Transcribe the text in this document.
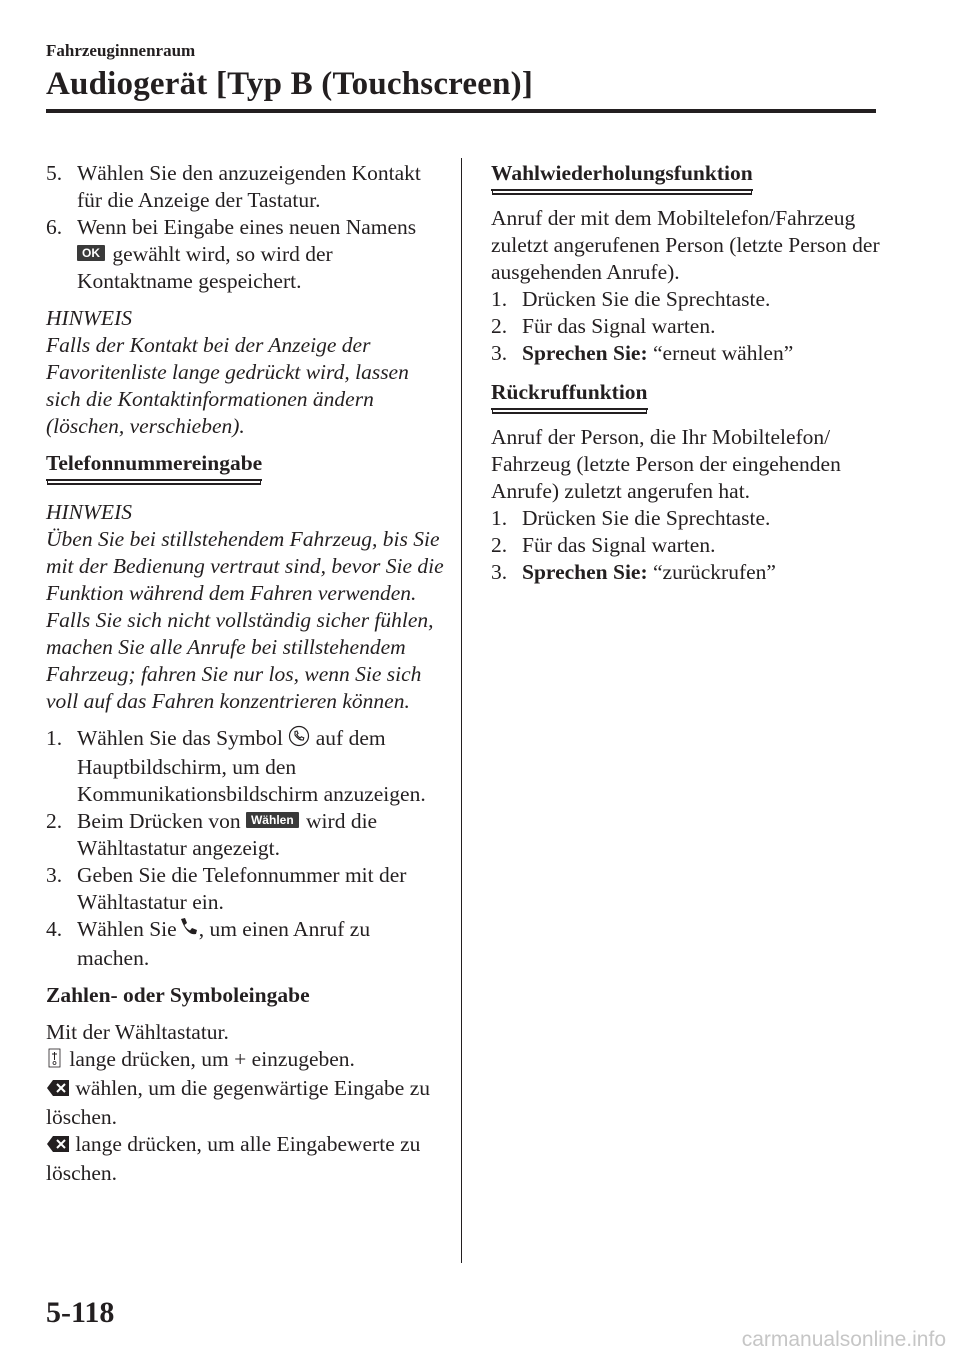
Fahrzeuginnenraum
Audiogerät [Typ B (Touchscreen)]
5. Wählen Sie den anzuzeigenden Kontakt für die Anzeige der Tastatur.
6. Wenn bei Eingabe eines neuen Namens
OK gewählt wird, so wird der Kontaktname gespeichert.
HINWEIS
Falls der Kontakt bei der Anzeige der Favoritenliste lange gedrückt wird, lassen sich die Kontaktinformationen ändern (löschen, verschieben).
Telefonnummereingabe
HINWEIS
Üben Sie bei stillstehendem Fahrzeug, bis Sie mit der Bedienung vertraut sind, bevor Sie die Funktion während dem Fahren verwenden. Falls Sie sich nicht vollständig sicher fühlen, machen Sie alle Anrufe bei stillstehendem Fahrzeug; fahren Sie nur los, wenn Sie sich voll auf das Fahren konzentrieren können.
1. Wählen Sie das Symbol auf dem Hauptbildschirm, um den Kommunikationsbildschirm anzuzeigen.
2. Beim Drücken von Wählen wird die Wähltastatur angezeigt.
3. Geben Sie die Telefonnummer mit der Wähltastatur ein.
4. Wählen Sie , um einen Anruf zu machen.
Zahlen- oder Symboleingabe
Mit der Wähltastatur.
lange drücken, um + einzugeben.
wählen, um die gegenwärtige Eingabe zu löschen.
lange drücken, um alle Eingabewerte zu löschen.
Wahlwiederholungsfunktion
Anruf der mit dem Mobiltelefon/Fahrzeug zuletzt angerufenen Person (letzte Person der ausgehenden Anrufe).
1. Drücken Sie die Sprechtaste.
2. Für das Signal warten.
3. Sprechen Sie: “erneut wählen”
Rückruffunktion
Anruf der Person, die Ihr Mobiltelefon/ Fahrzeug (letzte Person der eingehenden Anrufe) zuletzt angerufen hat.
1. Drücken Sie die Sprechtaste.
2. Für das Signal warten.
3. Sprechen Sie: “zurückrufen”
5-118
carmanualsonline.info
